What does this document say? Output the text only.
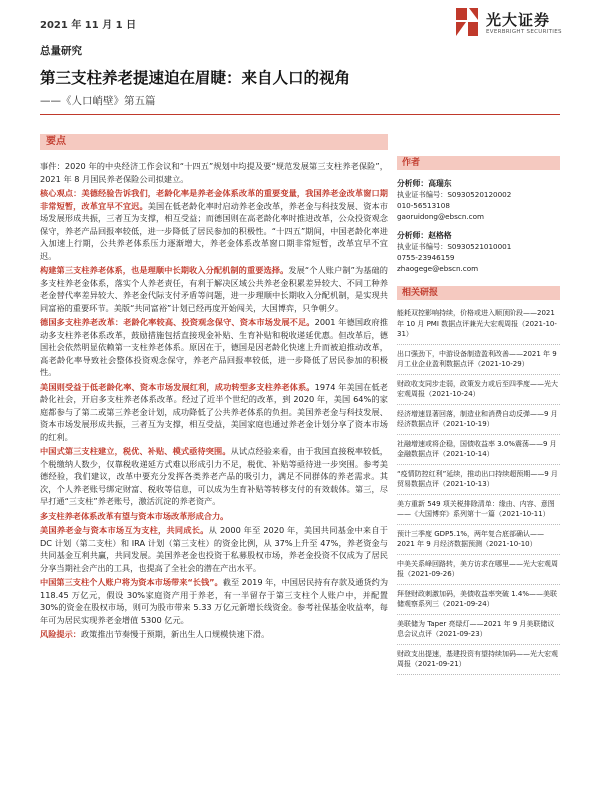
2021 年 11 月 1 日	光大证券
EVERBRIGHT SECURITIES
总量研究
第三支柱养老提速迫在眉睫：来自人口的视角
——《人口峭壁》第五篇
要点
事件：2020 年的中央经济工作会议和“十四五”规划中均提及要“规范发展第三支柱养老保险”，2021 年 8 月国民养老保险公司拟建立。
核心观点：美德经验告诉我们，老龄化率是养老金体系改革的重要变量，我国养老金改革窗口期非常短暂，改革宜早不宜迟。美国在低老龄化率时启动养老金改革，养老金与科技发展、资本市场发展形成共振，三者互为支撑，相互受益；而德国则在高老龄化率时推进改革，公众投资观念保守，养老产品回报率较低，进一步降低了居民参加的积极性。“十四五”期间，中国老龄化率进入加速上行期，公共养老体系压力逐渐增大，养老金体系改革窗口期非常短暂，改革宜早不宜迟。
构建第三支柱养老体系，也是理顺中长期收入分配机制的重要选择。发展“个人账户制”为基础的多支柱养老金体系，落实个人养老责任，有利于解决区域公共养老金积累差异较大、不同工种养老金替代率差异较大、养老金代际支付矛盾等问题，进一步理顺中长期收入分配机制，是实现共同富裕的重要环节。美版“共同富裕”计划已经再度开始闯关，大国博弈，只争朝夕。
德国多支柱养老改革：老龄化率较高、投资观念保守、资本市场发展不足。2001 年德国政府推动多支柱养老体系改革，鼓励措施包括直接现金补贴、生育补贴和税收递延优惠。但改革后，德国社会依然明显依赖第一支柱养老体系。原因在于，德国是因老龄化快速上升而被迫推动改革，高老龄化率导致社会整体投资观念保守，养老产品回报率较低，进一步降低了居民参加的积极性。
美国则受益于低老龄化率、资本市场发展红利，成功转型多支柱养老体系。1974 年美国在低老龄化社会，开启多支柱养老体系改革。经过了近半个世纪的改革，到 2020 年，美国 64%的家庭都参与了第二或第三养老金计划，成功降低了公共养老体系的负担。美国养老金与科技发展、资本市场发展形成共振，三者互为支撑，相互受益，美国家庭也通过养老金计划分享了资本市场的红利。
中国式第三支柱建立，税优、补贴、模式亟待突围。从试点经验来看，由于我国直接税率较低，个税缴纳人数少，仅靠税收递延方式难以形成引力不足，税优、补贴等亟待进一步突围。参考美德经验，我们建议，改革中要充分发挥各类养老产品的吸引力，满足不同群体的养老需求。其次，个人养老账号绑定财富、税收等信息，可以成为生育补贴等转移支付的有效载体。第三，尽早打通“三支柱”养老账号，激活沉淀的养老资产。
多支柱养老体系改革有望与资本市场改革形成合力。
美国养老金与资本市场互为支柱，共同成长。从 2000 年至 2020 年，美国共同基金中来自于 DC 计划（第二支柱）和 IRA 计划（第三支柱）的资金比例，从 37%上升至 47%，养老资金与共同基金互利共赢，共同发展。美国养老金也投资于私募股权市场，养老金投资不仅成为了居民分享当期社会产出的工具，也提高了全社会的潜在产出水平。
中国第三支柱个人账户将为资本市场带来“长钱”。截至 2019 年，中国居民持有存款及通货约为 118.45 万亿元，假设 30%家庭资产用于养老，有一半留存于第三支柱个人账户中，并配置 30%的资金在股权市场，则可为股市带来 5.33 万亿元新增长线资金。参考社保基金收益率，每年可为居民实现养老金增值 5300 亿元。
风险提示：政策推出节奏慢于预期，新出生人口规模快速下滑。
作者
分析师：高瑞东
执业证书编号：S0930520120002
010-56513108
gaoruidong@ebscn.com
分析师：赵格格
执业证书编号：S0930521010001
0755-23946159
zhaogege@ebscn.com
相关研报
能耗双控影响持续，价格或进入顺顶阶段——2021 年 10 月 PMI 数据点评兼光大宏观周报（2021-10-31）
出口强劲下，中游设备制造盈利改善——2021 年 9 月工业企业盈利数据点评（2021-10-29）
财政收支同步走弱，政策发力或后至四季度——光大宏观周报（2021-10-24）
经济增速显著回落，制造业和消费自动反弹——9 月经济数据点评（2021-10-19）
社融增速或将企稳，国债收益率 3.0%震荡——9 月金融数据点评（2021-10-14）
“疫情防控红利”延续，推动出口持续超预期——9 月贸易数据点评（2021-10-13）
美方重新 549 项关税排除清单：缘由、内容、意图——《大国博弈》系列第十一篇（2021-10-11）
预计三季度 GDP5.1%，两年复合底部确认——2021 年 9 月经济数据预测（2021-10-10）
中美关系峰回路转，美方访求在哪里——光大宏观周报（2021-09-26）
拜登财政刺激加码，美债收益率突破 1.4%——美联储观察系列三（2021-09-24）
美联储为 Taper 亮绿灯——2021 年 9 月美联储议息会议点评（2021-09-23）
财政支出提速，基建投资有望持续加码——光大宏观周报（2021-09-21）
